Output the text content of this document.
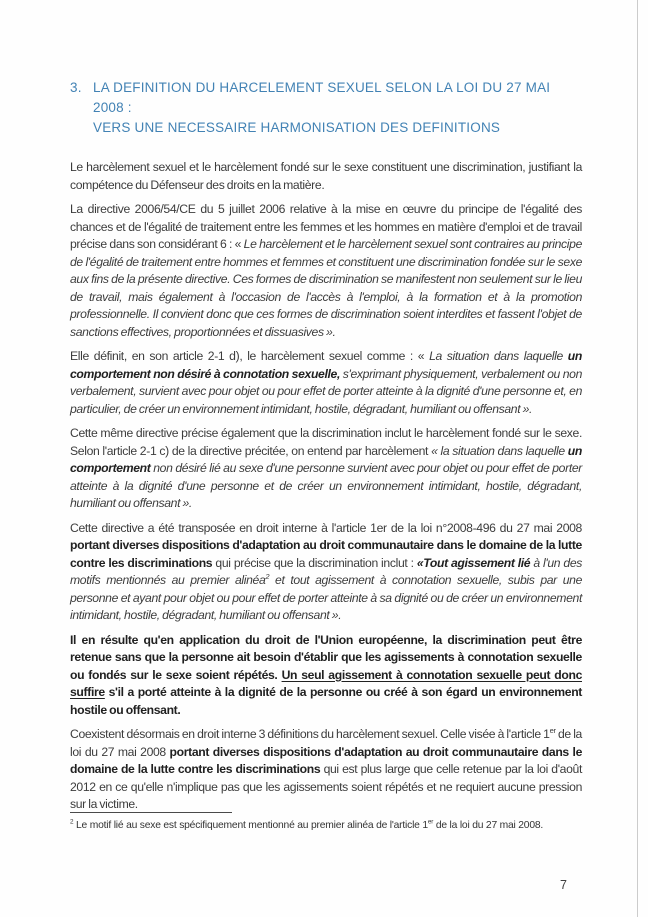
3. LA DEFINITION DU HARCELEMENT SEXUEL SELON LA LOI DU 27 MAI 2008 :
VERS UNE NECESSAIRE HARMONISATION DES DEFINITIONS

Le harcèlement sexuel et le harcèlement fondé sur le sexe constituent une discrimination, justifiant la compétence du Défenseur des droits en la matière.

La directive 2006/54/CE du 5 juillet 2006 relative à la mise en œuvre du principe de l'égalité des chances et de l'égalité de traitement entre les femmes et les hommes en matière d'emploi et de travail précise dans son considérant 6 : « Le harcèlement et le harcèlement sexuel sont contraires au principe de l'égalité de traitement entre hommes et femmes et constituent une discrimination fondée sur le sexe aux fins de la présente directive. Ces formes de discrimination se manifestent non seulement sur le lieu de travail, mais également à l'occasion de l'accès à l'emploi, à la formation et à la promotion professionnelle. Il convient donc que ces formes de discrimination soient interdites et fassent l'objet de sanctions effectives, proportionnées et dissuasives ».

Elle définit, en son article 2-1 d), le harcèlement sexuel comme : « La situation dans laquelle un comportement non désiré à connotation sexuelle, s'exprimant physiquement, verbalement ou non verbalement, survient avec pour objet ou pour effet de porter atteinte à la dignité d'une personne et, en particulier, de créer un environnement intimidant, hostile, dégradant, humiliant ou offensant ».

Cette même directive précise également que la discrimination inclut le harcèlement fondé sur le sexe. Selon l'article 2-1 c) de la directive précitée, on entend par harcèlement « la situation dans laquelle un comportement non désiré lié au sexe d'une personne survient avec pour objet ou pour effet de porter atteinte à la dignité d'une personne et de créer un environnement intimidant, hostile, dégradant, humiliant ou offensant ».

Cette directive a été transposée en droit interne à l'article 1er de la loi n°2008-496 du 27 mai 2008 portant diverses dispositions d'adaptation au droit communautaire dans le domaine de la lutte contre les discriminations qui précise que la discrimination inclut : «Tout agissement lié à l'un des motifs mentionnés au premier alinéa$^2$ et tout agissement à connotation sexuelle, subis par une personne et ayant pour objet ou pour effet de porter atteinte à sa dignité ou de créer un environnement intimidant, hostile, dégradant, humiliant ou offensant ».

Il en résulte qu'en application du droit de l'Union européenne, la discrimination peut être retenue sans que la personne ait besoin d'établir que les agissements à connotation sexuelle ou fondés sur le sexe soient répétés. Un seul agissement à connotation sexuelle peut donc suffire s'il a porté atteinte à la dignité de la personne ou créé à son égard un environnement hostile ou offensant.

Coexistent désormais en droit interne 3 définitions du harcèlement sexuel. Celle visée à l'article 1er de la loi du 27 mai 2008 portant diverses dispositions d'adaptation au droit communautaire dans le domaine de la lutte contre les discriminations qui est plus large que celle retenue par la loi d'août 2012 en ce qu'elle n'implique pas que les agissements soient répétés et ne requiert aucune pression sur la victime.

$^2$ Le motif lié au sexe est spécifiquement mentionné au premier alinéa de l'article 1er de la loi du 27 mai 2008.
7
